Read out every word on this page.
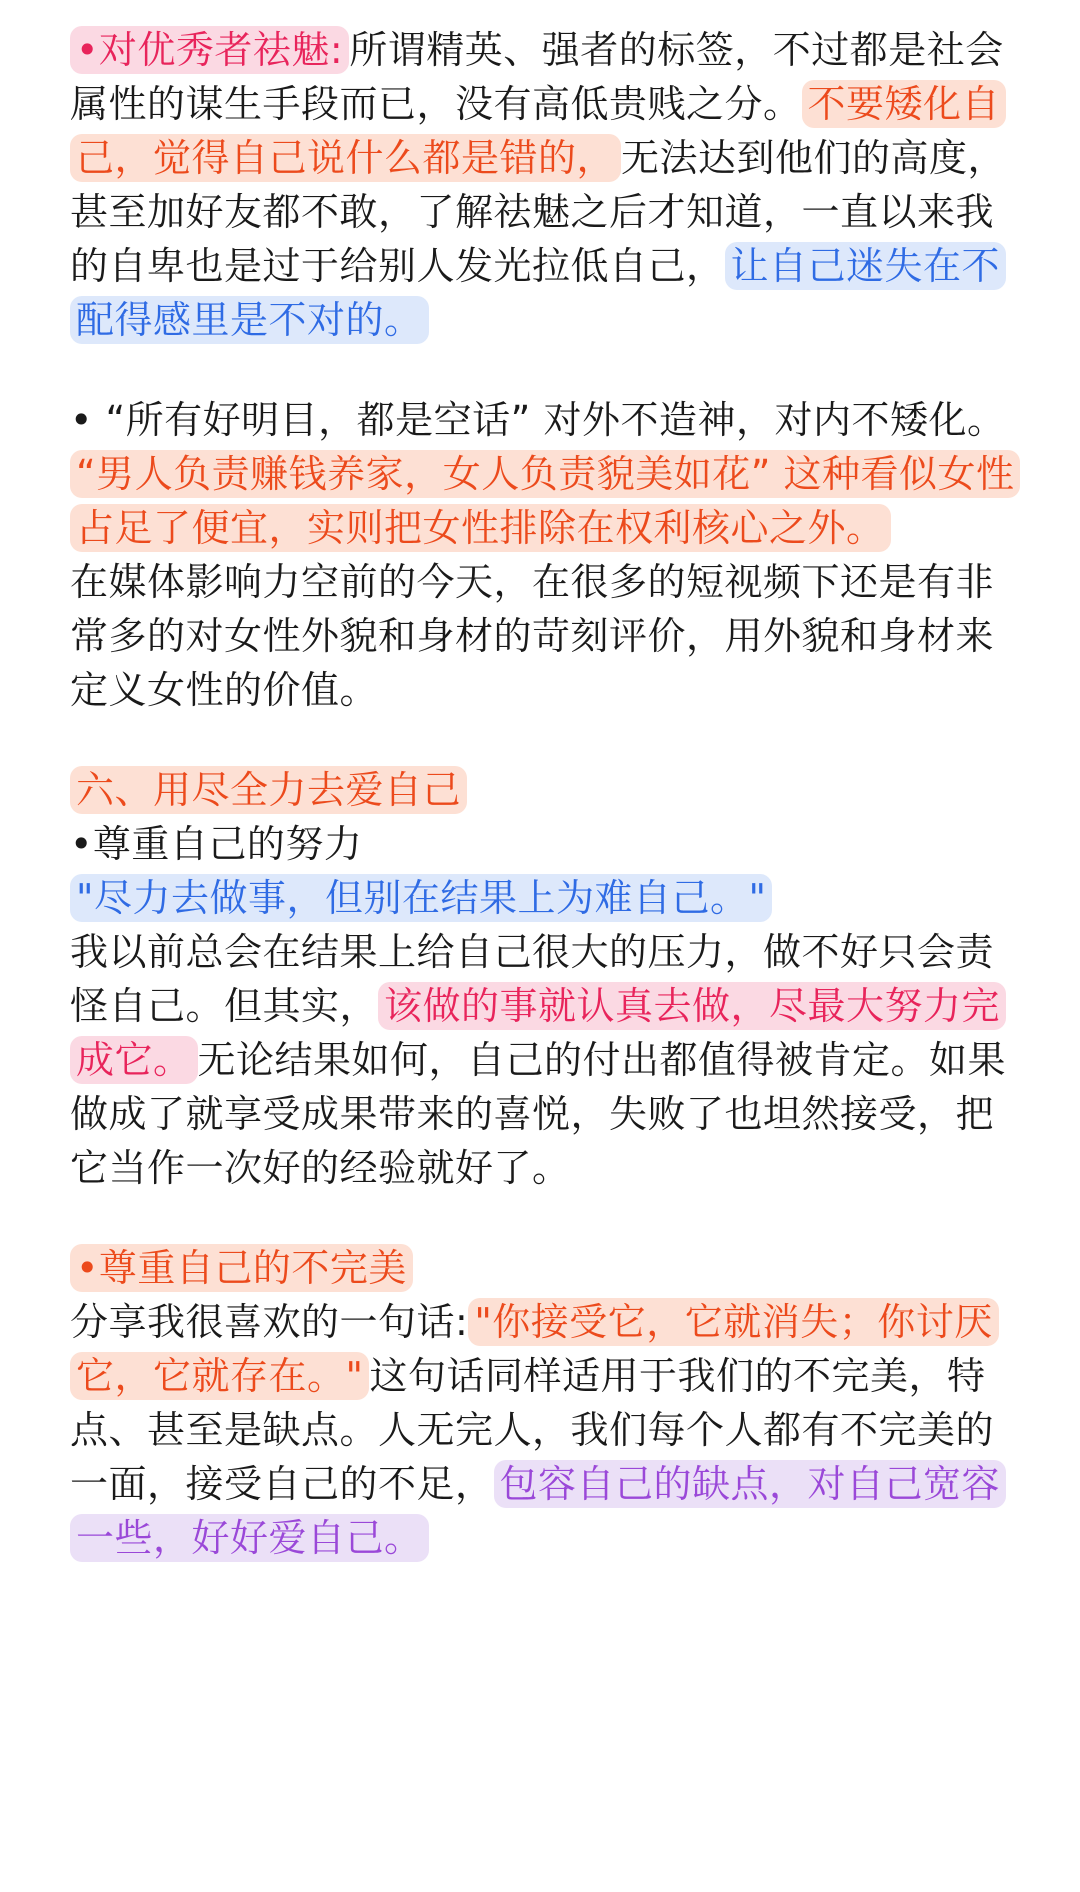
•对优秀者祛魅: 所谓精英、强者的标签，不过都是社会
属性的谋生手段而已，没有高低贵贱之分。 不要矮化自
己，觉得自己说什么都是错的， 无法达到他们的高度，
甚至加好友都不敢，了解祛魅之后才知道，一直以来我
的自卑也是过于给别人发光拉低自己， 让自己迷失在不
配得感里是不对的。
• “所有好明目，都是空话” 对外不造神，对内不矮化。
“男人负责赚钱养家，女人负责貌美如花” 这种看似女性
占足了便宜，实则把女性排除在权利核心之外。
在媒体影响力空前的今天，在很多的短视频下还是有非
常多的对女性外貌和身材的苛刻评价，用外貌和身材来
定义女性的价值。
六、用尽全力去爱自己
•尊重自己的努力
"尽力去做事，但别在结果上为难自己。"
我以前总会在结果上给自己很大的压力，做不好只会责
怪自己。但其实， 该做的事就认真去做，尽最大努力完
成它。 无论结果如何，自己的付出都值得被肯定。如果
做成了就享受成果带来的喜悦，失败了也坦然接受，把
它当作一次好的经验就好了。
•尊重自己的不完美
分享我很喜欢的一句话: "你接受它，它就消失；你讨厌
它，它就存在。" 这句话同样适用于我们的不完美，特
点、甚至是缺点。人无完人，我们每个人都有不完美的
一面，接受自己的不足， 包容自己的缺点，对自己宽容
一些，好好爱自己。
